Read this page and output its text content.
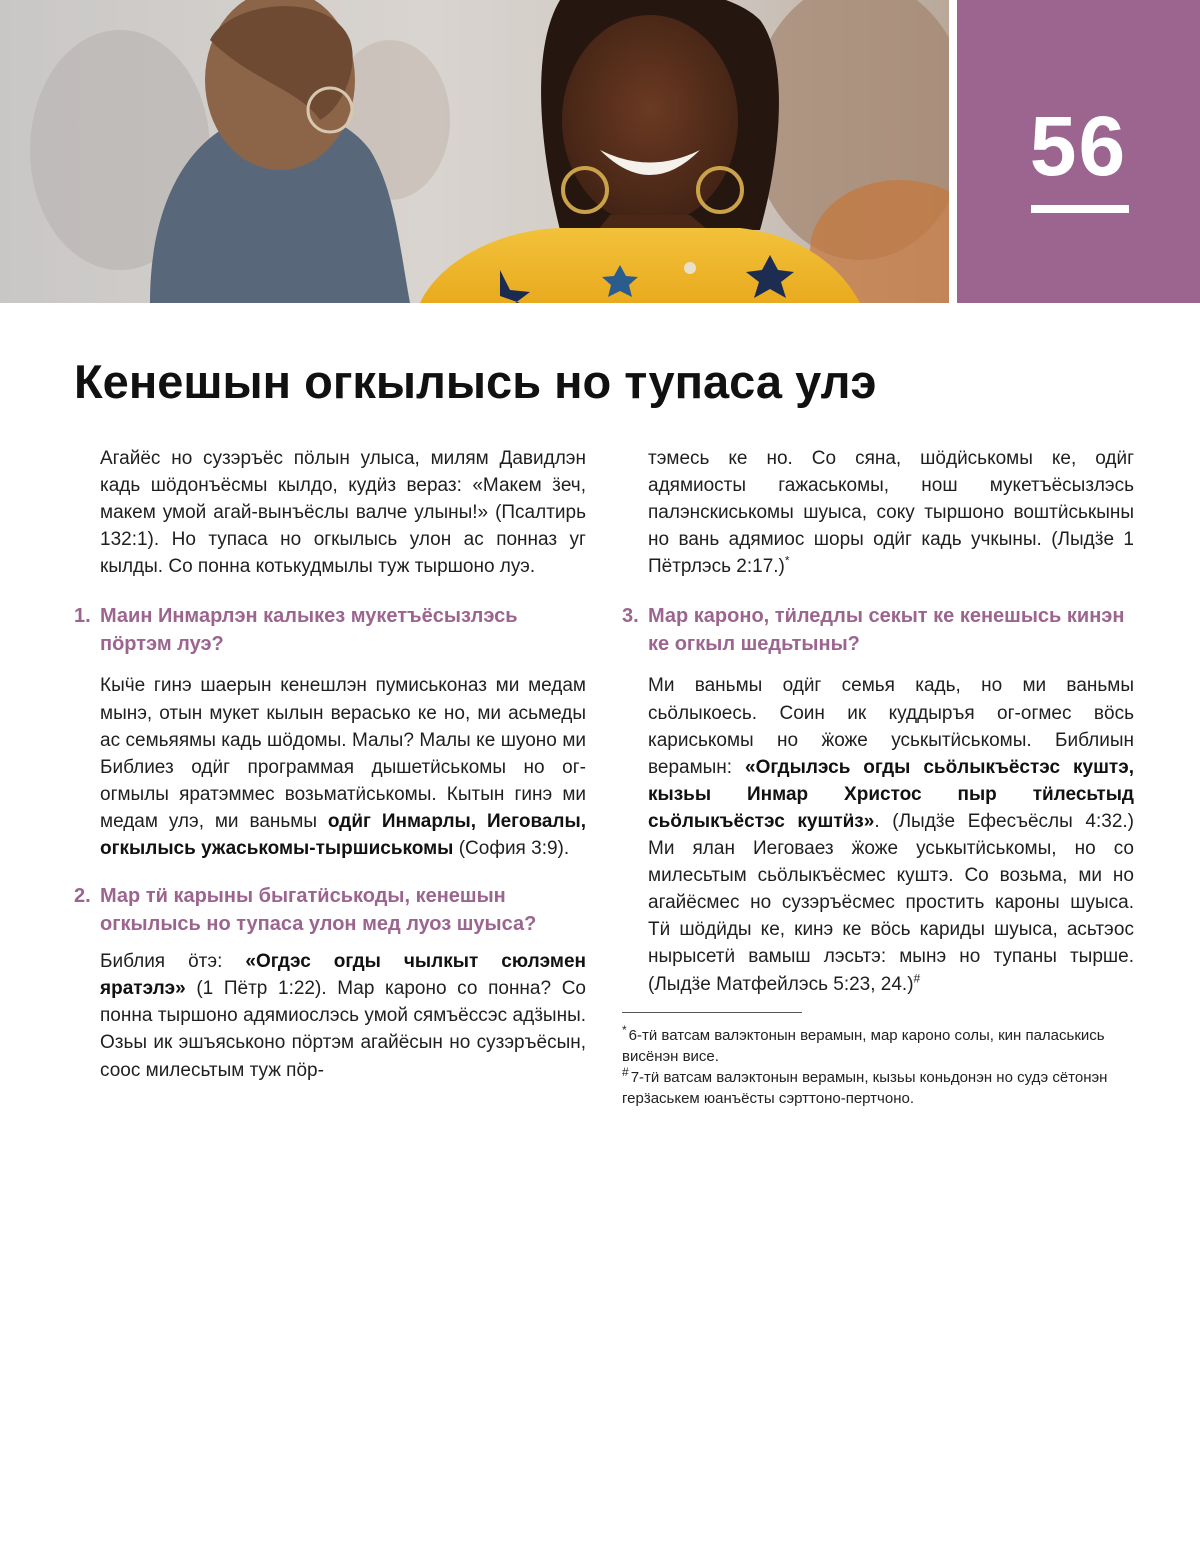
56
Кенешын огкылысь но тупаса улэ

Агайёс но сузэръёс пӧлын улыса, милям Давидлэн кадь шӧдонъёсмы кылдо, кудӥз вераз: «Макем ӟеч, макем умой агай-вынъёслы валче улыны!» (Псалтирь 132:1). Но тупаса но огкылысь улон ас понназ уг кылды. Со понна котькудмылы туж тыршоно луэ.

1. Маин Инмарлэн калыкез мукетъёсызлэсь пӧртэм луэ?

Кыӵе гинэ шаерын кенешлэн пумиськоназ ми медам мынэ, отын мукет кылын верасько ке но, ми асьмеды ас семьяямы кадь шӧдомы. Малы? Малы ке шуоно ми Библиез одӥг программая дышетӥськомы но ог-огмылы яратэммес возьматӥськомы. Кытын гинэ ми медам улэ, ми ваньмы одӥг Инмарлы, Иеговалы, огкылысь ужаськомы-тыршиськомы (София 3:9).

2. Мар тӥ карыны быгатӥськоды, кенешын огкылысь но тупаса улон мед луоз шуыса?

Библия ӧтэ: «Огдэс огды чылкыт сюлэмен яратэлэ» (1 Пётр 1:22). Мар кароно со понна? Со понна тыршоно адямиослэсь умой сямъёссэс адӟыны. Озьы ик эшъяськоно пӧртэм агайёсын но сузэръёсын, соос милесьтым туж пӧр-

тэмесь ке но. Со сяна, шӧдӥськомы ке, одӥг адямиосты гажаськомы, нош мукетъёсызлэсь палэнскиськомы шуыса, соку тыршоно воштӥськыны но вань адямиос шоры одӥг кадь учкыны. (Лыдӟе 1 Пётрлэсь 2:17.)*

3. Мар кароно, тӥледлы секыт ке кенешысь кинэн ке огкыл шедьтыны?

Ми ваньмы одӥг семья кадь, но ми ваньмы сьӧлыкоесь. Соин ик куддыръя ог-огмес вӧсь кариськомы но ӝоже уськытӥськомы. Библиын верамын: «Огдылэсь огды сьӧлыкъёстэс куштэ, кызьы Инмар Христос пыр тӥлесьтыд сьӧлыкъёстэс куштӥз». (Лыдӟе Ефесъёслы 4:32.) Ми ялан Иеговаез ӝоже уськытӥськомы, но со милесьтым сьӧлыкъёсмес куштэ. Со возьма, ми но агайёсмес но сузэръёсмес простить кароны шуыса. Тӥ шӧдӥды ке, кинэ ке вӧсь кариды шуыса, асьтэос нырысетӥ вамыш лэсьтэ: мынэ но тупаны тырше. (Лыдӟе Матфейлэсь 5:23, 24.)#

* 6-тӥ ватсам валэктонын верамын, мар кароно солы, кин паласькись висёнэн висе.

# 7-тӥ ватсам валэктонын верамын, кызьы коньдонэн но судэ сётонэн герӟаськем юанъёсты сэрттоно-пертчоно.
